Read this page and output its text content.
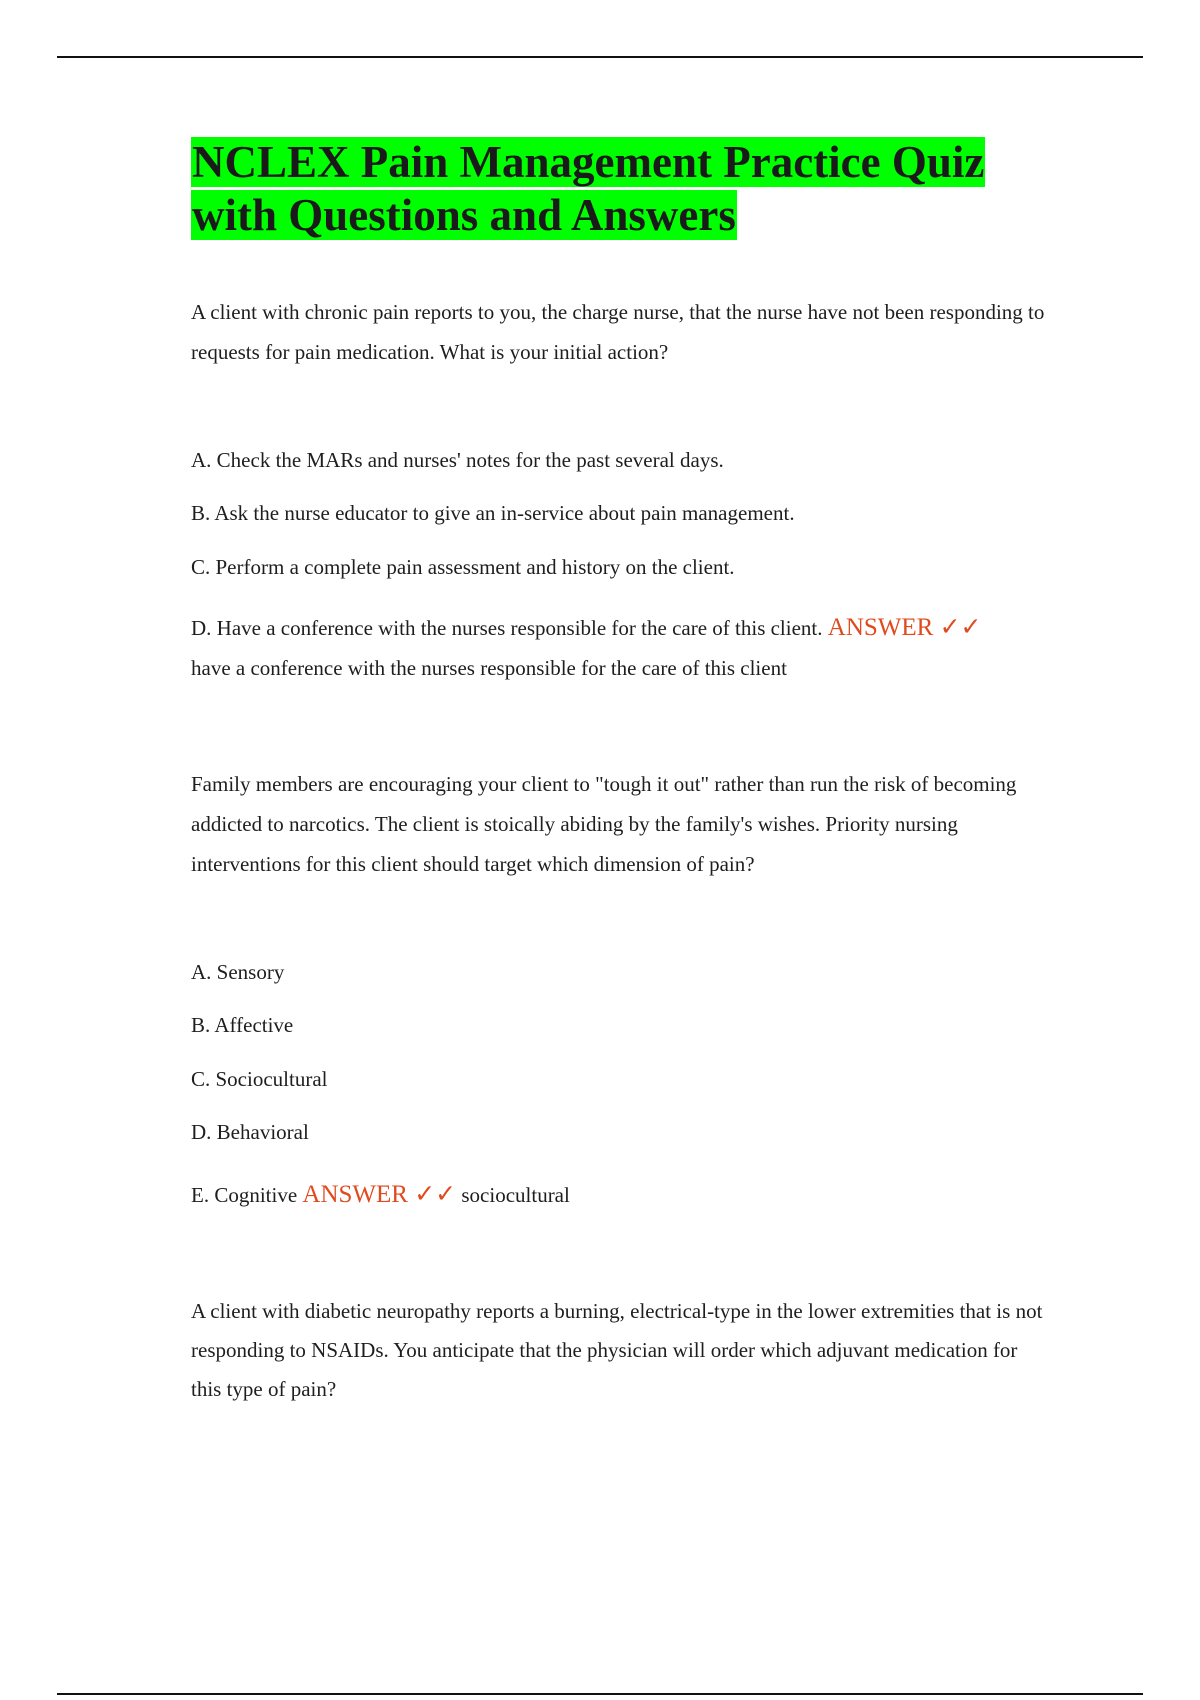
NCLEX Pain Management Practice Quiz
with Questions and Answers

A client with chronic pain reports to you, the charge nurse, that the nurse have not been responding to requests for pain medication. What is your initial action?

A. Check the MARs and nurses' notes for the past several days.

B. Ask the nurse educator to give an in-service about pain management.

C. Perform a complete pain assessment and history on the client.

D. Have a conference with the nurses responsible for the care of this client. ANSWER ✓✓
have a conference with the nurses responsible for the care of this client

Family members are encouraging your client to "tough it out" rather than run the risk of becoming addicted to narcotics. The client is stoically abiding by the family's wishes. Priority nursing interventions for this client should target which dimension of pain?

A. Sensory

B. Affective

C. Sociocultural

D. Behavioral

E. Cognitive ANSWER ✓✓ sociocultural

A client with diabetic neuropathy reports a burning, electrical-type in the lower extremities that is not responding to NSAIDs. You anticipate that the physician will order which adjuvant medication for this type of pain?
